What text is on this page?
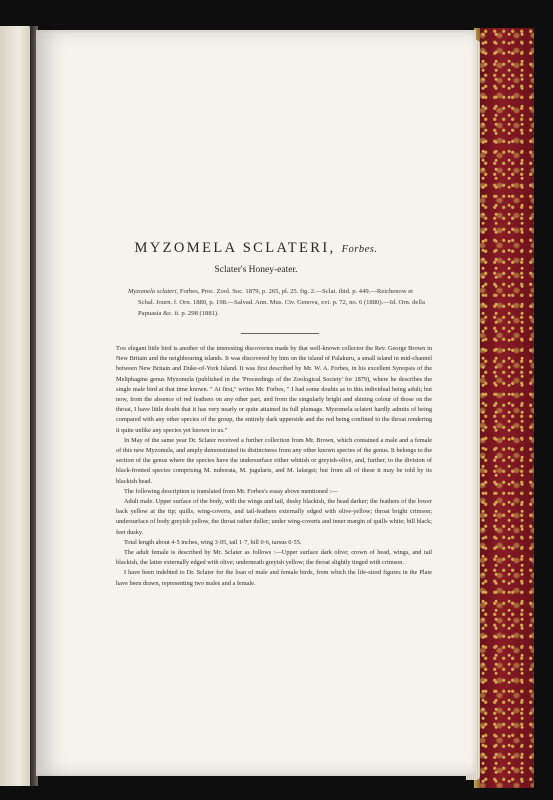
MYZOMELA SCLATERI, Forbes.
Sclater's Honey-eater.
Myzomela sclateri, Forbes, Proc. Zool. Soc. 1879, p. 265, pl. 25. fig. 2.—Sclat. ibid. p. 449.—Reichenow et Schal. Journ. f. Orn. 1880, p. 198.—Salvad. Ann. Mus. Civ. Genova, xvi. p. 72, no. 6 (1880).—Id. Orn. della Papuasia &c. ii. p. 298 (1881).

This elegant little bird is another of the interesting discoveries made by that well-known collector the Rev. George Brown in New Britain and the neighbouring islands. It was discovered by him on the island of Palakuru, a small island in mid-channel between New Britain and Duke-of-York Island. It was first described by Mr. W. A. Forbes, in his excellent Synopsis of the Meliphagine genus Myzomela (published in the 'Proceedings of the Zoological Society' for 1879), where he describes the single male bird at that time known. " At first," writes Mr. Forbes, " I had some doubts as to this individual being adult; but now, from the absence of red feathers on any other part, and from the singularly bright and shining colour of those on the throat, I have little doubt that it has very nearly or quite attained its full plumage. Myzomela sclateri hardly admits of being compared with any other species of the group, the entirely dark upperside and the red being confined to the throat rendering it quite unlike any species yet known to us."

In May of the same year Dr. Sclater received a further collection from Mr. Brown, which contained a male and a female of this new Myzomela, and amply demonstrated its distinctness from any other known species of the genus. It belongs to the section of the genus where the species have the undersurface either whitish or greyish-olive, and, further, to the division of black-fronted species comprising M. nuborata, M. jugularis, and M. lafargei; but from all of these it may be told by its blackish head.

The following description is translated from Mr. Forbes's essay above mentioned :—

Adult male. Upper surface of the body, with the wings and tail, dusky blackish, the head darker; the feathers of the lower back yellow at the tip; quills, wing-coverts, and tail-feathers externally edged with olive-yellow; throat bright crimson; undersurface of body greyish yellow, the throat rather duller; under wing-coverts and inner margin of quills white; bill black; feet dusky.

Total length about 4·5 inches, wing 3·05, tail 1·7, bill 0·6, tarsus 0·55.

The adult female is described by Mr. Sclater as follows :—Upper surface dark olive; crown of head, wings, and tail blackish, the latter externally edged with olive; underneath greyish yellow; the throat slightly tinged with crimson.

I have been indebted to Dr. Sclater for the loan of male and female birds, from which the life-sized figures in the Plate have been drawn, representing two males and a female.
